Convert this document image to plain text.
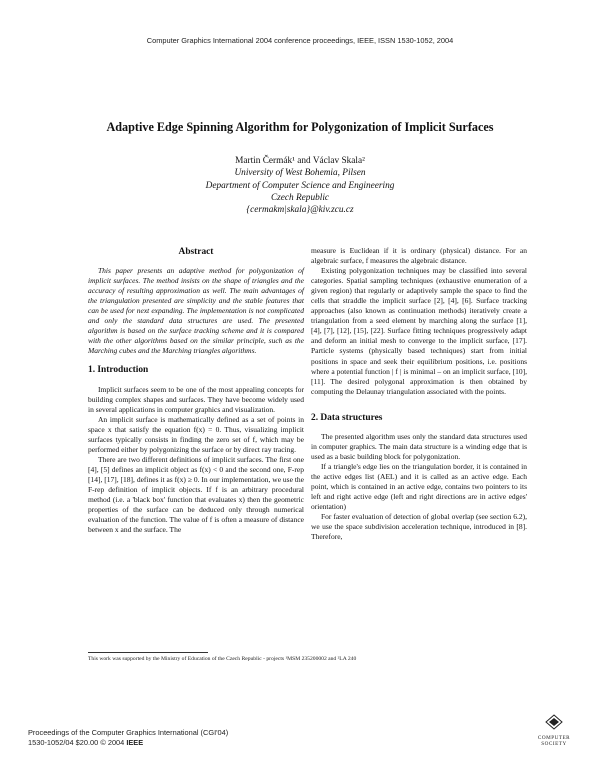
Computer Graphics International 2004 conference proceedings, IEEE, ISSN 1530-1052, 2004
Adaptive Edge Spinning Algorithm for Polygonization of Implicit Surfaces
Martin Čermák¹ and Václav Skala²
University of West Bohemia, Pilsen
Department of Computer Science and Engineering
Czech Republic
{cermakm|skala}@kiv.zcu.cz
Abstract

This paper presents an adaptive method for polygonization of implicit surfaces. The method insists on the shape of triangles and the accuracy of resulting approximation as well. The main advantages of the triangulation presented are simplicity and the stable features that can be used for next expanding. The implementation is not complicated and only the standard data structures are used. The presented algorithm is based on the surface tracking scheme and it is compared with the other algorithms based on the similar principle, such as the Marching cubes and the Marching triangles algorithms.

1. Introduction

Implicit surfaces seem to be one of the most appealing concepts for building complex shapes and surfaces. They have become widely used in several applications in computer graphics and visualization.

An implicit surface is mathematically defined as a set of points in space x that satisfy the equation f(x) = 0. Thus, visualizing implicit surfaces typically consists in finding the zero set of f, which may be performed either by polygonizing the surface or by direct ray tracing.

There are two different definitions of implicit surfaces. The first one [4], [5] defines an implicit object as f(x) < 0 and the second one, F-rep [14], [17], [18], defines it as f(x) ≥ 0. In our implementation, we use the F-rep definition of implicit objects. If f is an arbitrary procedural method (i.e. a 'black box' function that evaluates x) then the geometric properties of the surface can be deduced only through numerical evaluation of the function. The value of f is often a measure of distance between x and the surface. The

measure is Euclidean if it is ordinary (physical) distance. For an algebraic surface, f measures the algebraic distance.

Existing polygonization techniques may be classified into several categories. Spatial sampling techniques (exhaustive enumeration of a given region) that regularly or adaptively sample the space to find the cells that straddle the implicit surface [2], [4], [6]. Surface tracking approaches (also known as continuation methods) iteratively create a triangulation from a seed element by marching along the surface [1], [4], [7], [12], [15], [22]. Surface fitting techniques progressively adapt and deform an initial mesh to converge to the implicit surface, [17]. Particle systems (physically based techniques) start from initial positions in space and seek their equilibrium positions, i.e. positions where a potential function | f | is minimal – on an implicit surface, [10], [11]. The desired polygonal approximation is then obtained by computing the Delaunay triangulation associated with the points.

2. Data structures

The presented algorithm uses only the standard data structures used in computer graphics. The main data structure is a winding edge that is used as a basic building block for polygonization.

If a triangle's edge lies on the triangulation border, it is contained in the active edges list (AEL) and it is called as an active edge. Each point, which is contained in an active edge, contains two pointers to its left and right active edge (left and right directions are in active edges' orientation)

For faster evaluation of detection of global overlap (see section 6.2), we use the space subdivision acceleration technique, introduced in [8]. Therefore,

This work was supported by the Ministry of Education of the Czech Republic - projects ¹MSM 235200002 and ²LA 240
Proceedings of the Computer Graphics International (CGI'04)
1530-1052/04 $20.00 © 2004 IEEE	COMPUTER
SOCIETY
